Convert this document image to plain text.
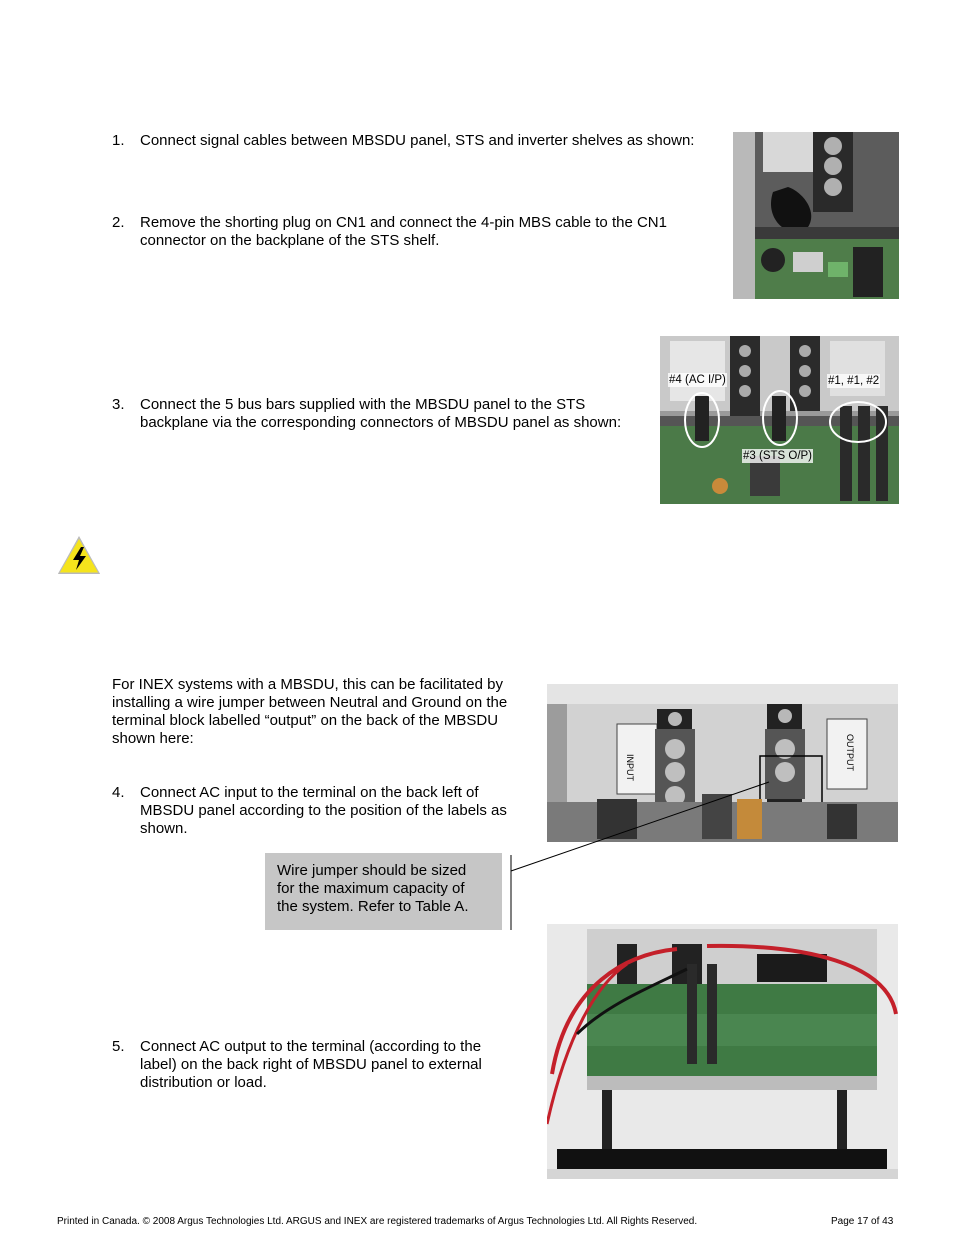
1. Connect signal cables between MBSDU panel, STS and inverter shelves as shown:
2. Remove the shorting plug on CN1 and connect the 4-pin MBS cable to the CN1
connector on the backplane of the STS shelf.
#4 (AC I/P)	#1, #1, #2
#3 (STS O/P)
3. Connect the 5 bus bars supplied with the MBSDU panel to the STS
backplane via the corresponding connectors of MBSDU panel as shown:
For INEX systems with a MBSDU, this can be facilitated by
installing a wire jumper between Neutral and Ground on the
terminal block labelled “output” on the back of the MBSDU
shown here:
INPUT	OUTPUT
4. Connect AC input to the terminal on the back left of
MBSDU panel according to the position of the labels as
shown.
Wire jumper should be sized
for the maximum capacity of
the system. Refer to Table A.
5. Connect AC output to the terminal (according to the
label) on the back right of MBSDU panel to external
distribution or load.
Printed in Canada. © 2008 Argus Technologies Ltd. ARGUS and INEX are registered trademarks of Argus Technologies Ltd. All Rights Reserved.	Page 17 of 43
